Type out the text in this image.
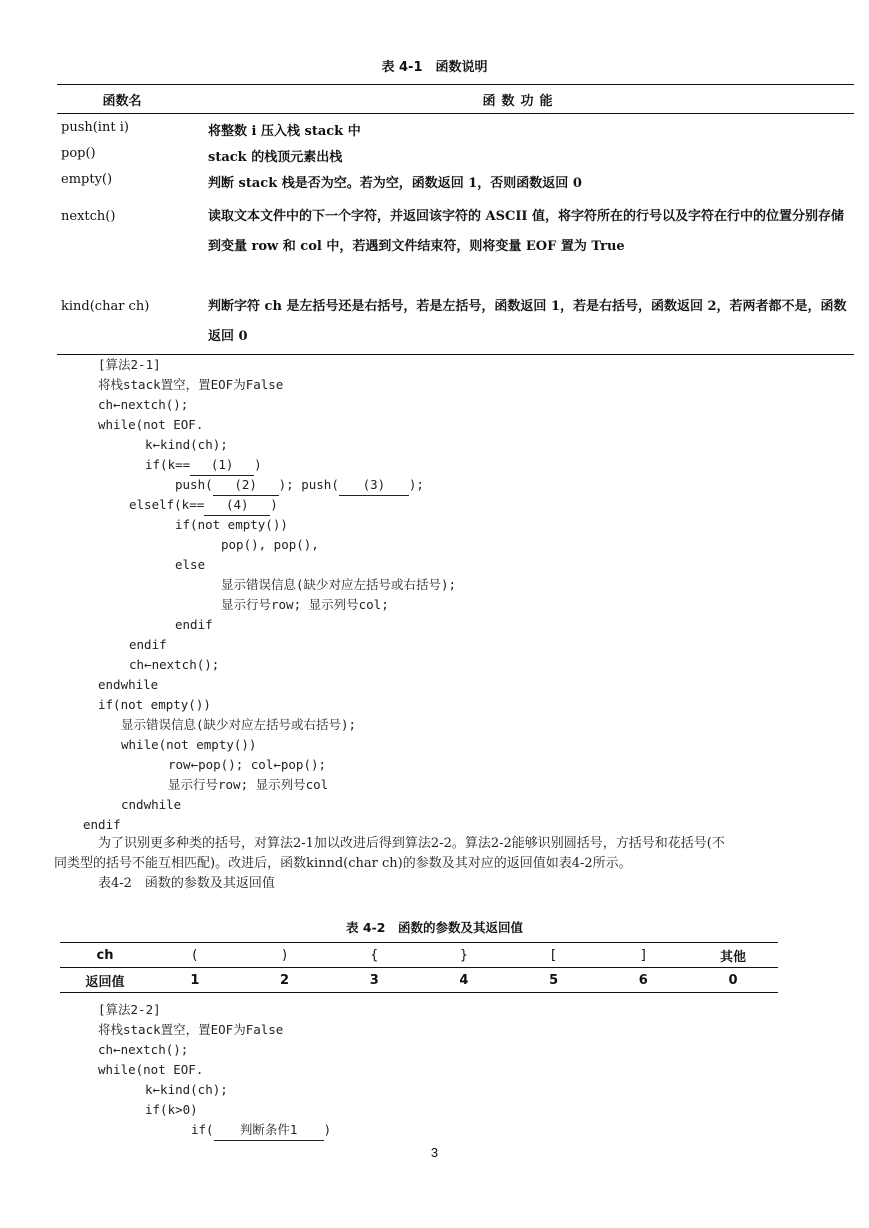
表 4-1　函数说明
函数名	函数功能
push(int i)	将整数 i 压入栈 stack 中
pop()	stack 的栈顶元素出栈
empty()	判断 stack 栈是否为空。若为空，函数返回 1，否则函数返回 0
nextch()	读取文本文件中的下一个字符，并返回该字符的 ASCII 值，将字符所在的行号以及字符在行中的位置分别存储到变量 row 和 col 中，若遇到文件结束符，则将变量 EOF 置为 True
kind(char ch)	判断字符 ch 是左括号还是右括号，若是左括号，函数返回 1，若是右括号，函数返回 2，若两者都不是，函数返回 0

[算法2-1]

将栈stack置空，置EOF为False

ch←nextch();

while(not EOF.

k←kind(ch);

if(k== (1) )

push( (2) ); push( (3) );

elself(k== (4) )

if(not empty())

pop(), pop(),

else

显示错误信息(缺少对应左括号或右括号);

显示行号row; 显示列号col;

endif

endif

ch←nextch();

endwhile

if(not empty())

显示错误信息(缺少对应左括号或右括号);

while(not empty())

row←pop(); col←pop();

显示行号row; 显示列号col

cndwhile

endif

为了识别更多种类的括号，对算法2-1加以改进后得到算法2-2。算法2-2能够识别圆括号，方括号和花括号(不
同类型的括号不能互相匹配)。改进后，函数kinnd(char ch)的参数及其对应的返回值如表4-2所示。
表4-2　函数的参数及其返回值
表 4-2　函数的参数及其返回值
ch	(	)	{	}	[	]	其他
返回值	1	2	3	4	5	6	0

[算法2-2]

将栈stack置空，置EOF为False

ch←nextch();

while(not EOF.

k←kind(ch);

if(k>0)

if( 判断条件1 )

3
